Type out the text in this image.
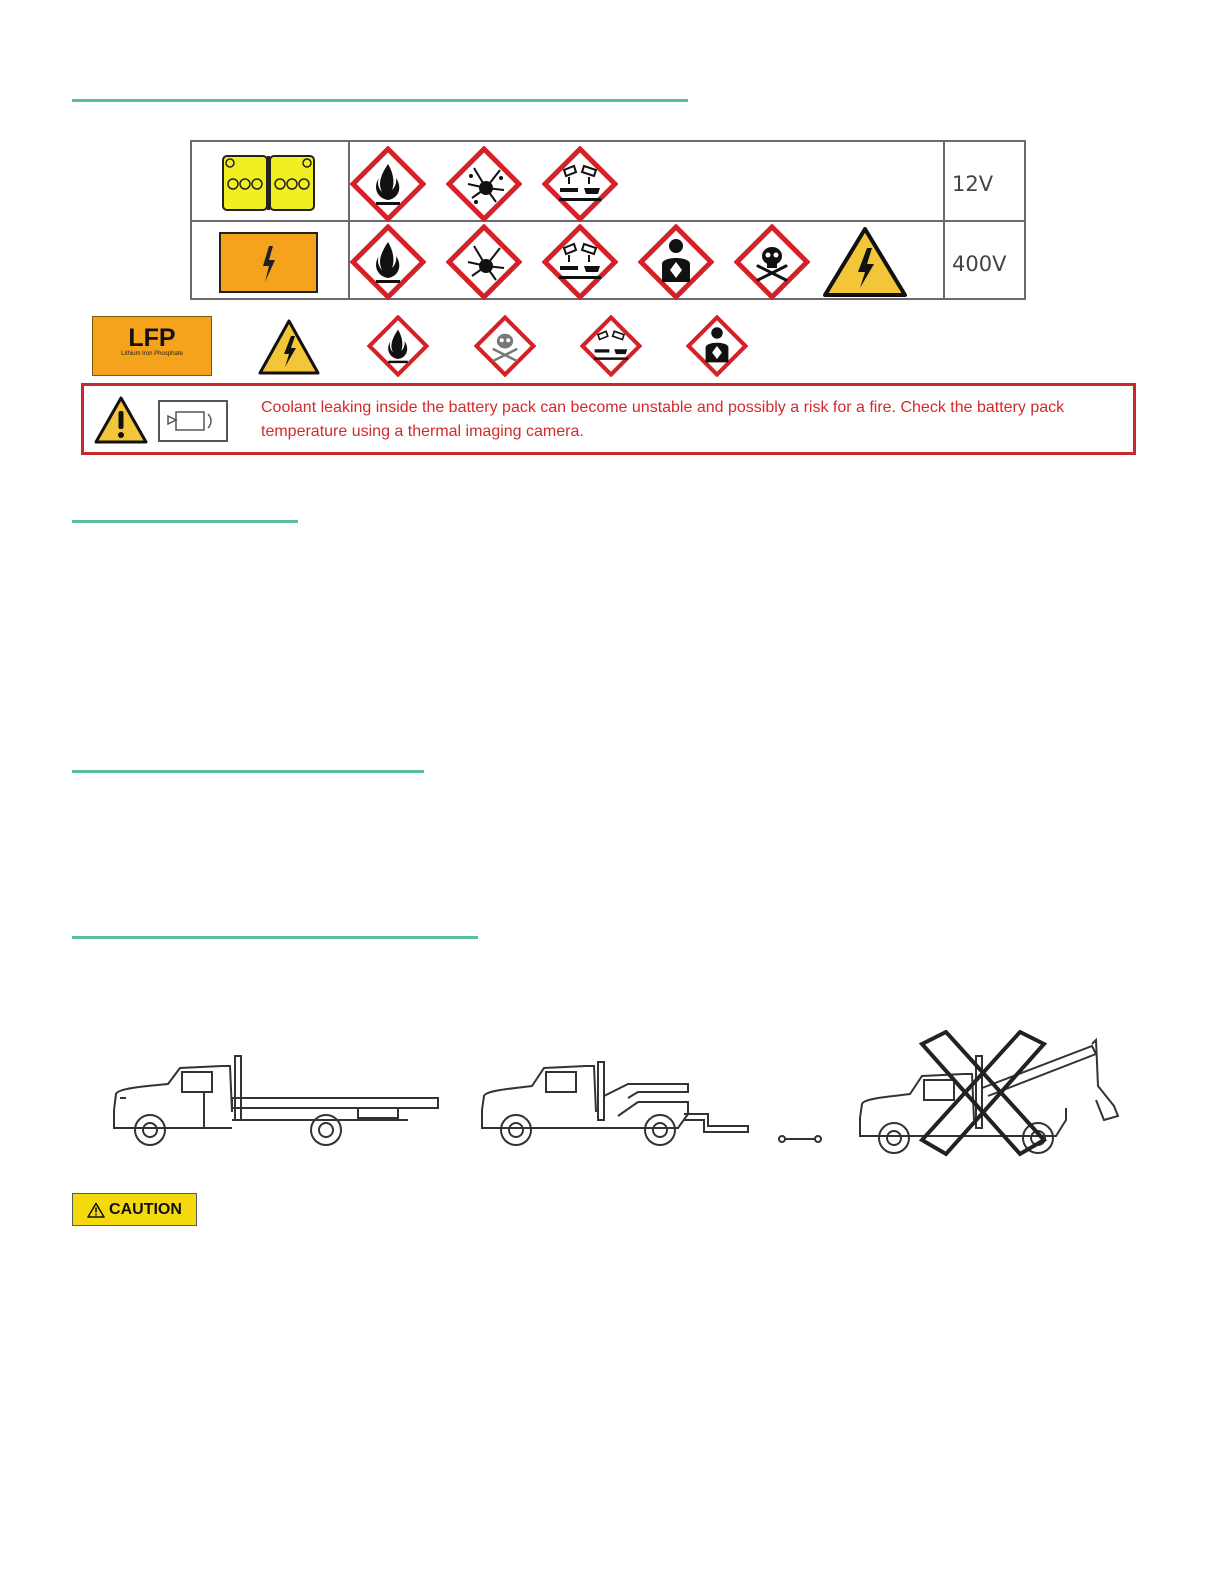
12V
400V
LFP
Lithium Iron Phosphate
Coolant leaking inside the battery pack can become unstable and possibly a risk for a fire. Check the battery pack
temperature using a thermal imaging camera.
CAUTION
